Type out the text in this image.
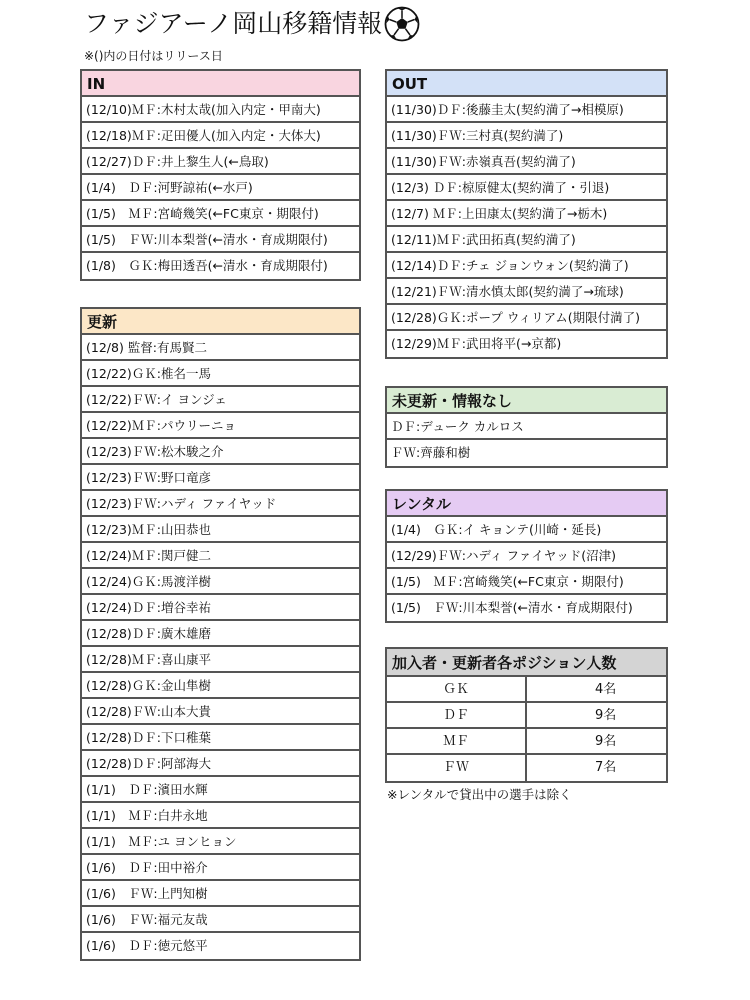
ファジアーノ岡山移籍情報
※()内の日付はリリース日
IN
(12/10)ＭＦ:木村太哉(加入内定・甲南大)
(12/18)ＭＦ:疋田優人(加入内定・大体大)
(12/27)ＤＦ:井上黎生人(←鳥取)
(1/4)　ＤＦ:河野諒祐(←水戸)
(1/5)　ＭＦ:宮崎幾笑(←FC東京・期限付)
(1/5)　ＦＷ:川本梨誉(←清水・育成期限付)
(1/8)　ＧＫ:梅田透吾(←清水・育成期限付)
OUT
(11/30)ＤＦ:後藤圭太(契約満了→相模原)
(11/30)ＦＷ:三村真(契約満了)
(11/30)ＦＷ:赤嶺真吾(契約満了)
(12/3) ＤＦ:椋原健太(契約満了・引退)
(12/7) ＭＦ:上田康太(契約満了→栃木)
(12/11)ＭＦ:武田拓真(契約満了)
(12/14)ＤＦ:チェ ジョンウォン(契約満了)
(12/21)ＦＷ:清水慎太郎(契約満了→琉球)
(12/28)ＧＫ:ポープ ウィリアム(期限付満了)
(12/29)ＭＦ:武田将平(→京都)
更新
(12/8) 監督:有馬賢二
(12/22)ＧＫ:椎名一馬
(12/22)ＦＷ:イ ヨンジェ
(12/22)ＭＦ:パウリーニョ
(12/23)ＦＷ:松木駿之介
(12/23)ＦＷ:野口竜彦
(12/23)ＦＷ:ハディ ファイヤッド
(12/23)ＭＦ:山田恭也
(12/24)ＭＦ:関戸健二
(12/24)ＧＫ:馬渡洋樹
(12/24)ＤＦ:増谷幸祐
(12/28)ＤＦ:廣木雄磨
(12/28)ＭＦ:喜山康平
(12/28)ＧＫ:金山隼樹
(12/28)ＦＷ:山本大貴
(12/28)ＤＦ:下口稚葉
(12/28)ＤＦ:阿部海大
(1/1)　ＤＦ:濱田水輝
(1/1)　ＭＦ:白井永地
(1/1)　ＭＦ:ユ ヨンヒョン
(1/6)　ＤＦ:田中裕介
(1/6)　ＦＷ:上門知樹
(1/6)　ＦＷ:福元友哉
(1/6)　ＤＦ:徳元悠平
未更新・情報なし
ＤＦ:デューク カルロス
ＦＷ:齊藤和樹
レンタル
(1/4)　ＧＫ:イ キョンテ(川崎・延長)
(12/29)ＦＷ:ハディ ファイヤッド(沼津)
(1/5)　ＭＦ:宮崎幾笑(←FC東京・期限付)
(1/5)　ＦＷ:川本梨誉(←清水・育成期限付)
加入者・更新者各ポジション人数
ＧＫ	4名
ＤＦ	9名
ＭＦ	9名
ＦＷ	7名
※レンタルで貸出中の選手は除く
